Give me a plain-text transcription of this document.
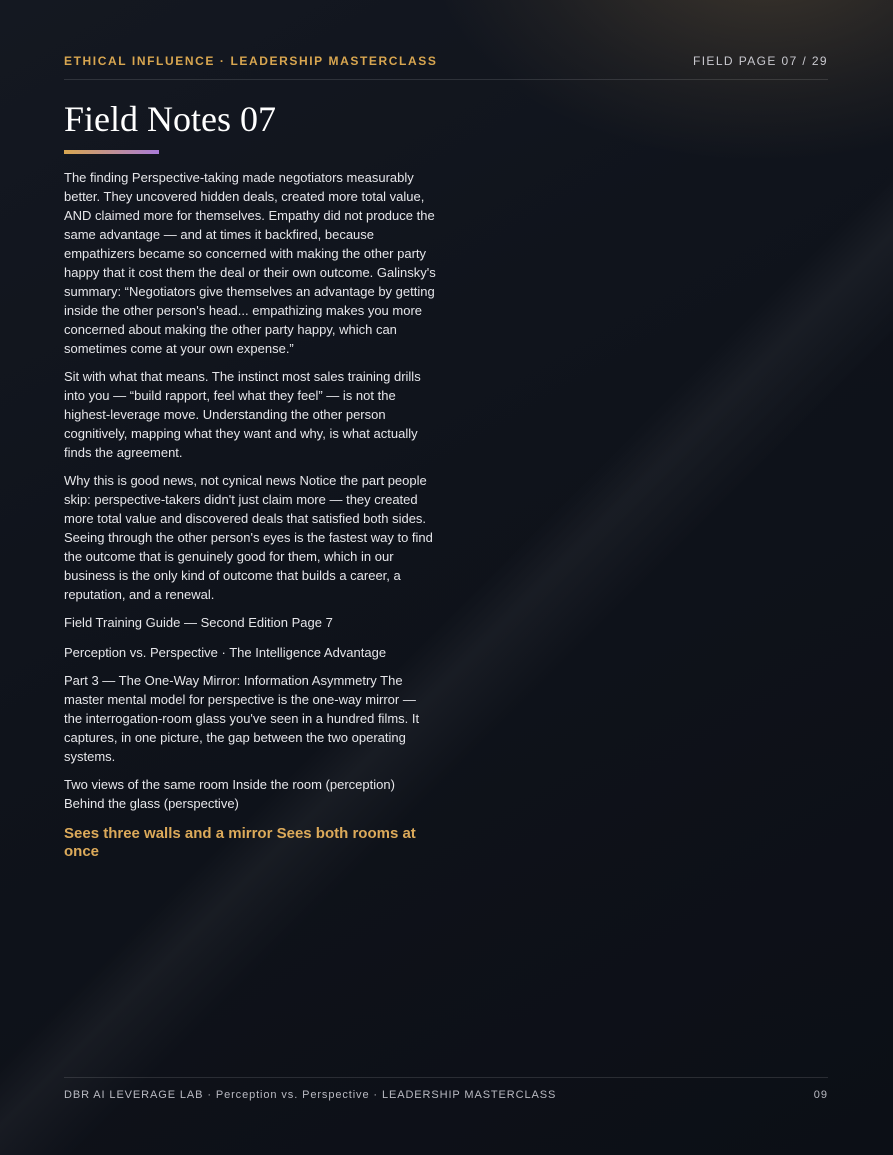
ETHICAL INFLUENCE · LEADERSHIP MASTERCLASS	FIELD PAGE 07 / 29
Field Notes 07

The finding Perspective-taking made negotiators measurably better. They uncovered hidden deals, created more total value, AND claimed more for themselves. Empathy did not produce the same advantage — and at times it backfired, because empathizers became so concerned with making the other party happy that it cost them the deal or their own outcome. Galinsky's summary: “Negotiators give themselves an advantage by getting inside the other person's head... empathizing makes you more concerned about making the other party happy, which can sometimes come at your own expense.”

Sit with what that means. The instinct most sales training drills into you — “build rapport, feel what they feel” — is not the highest-leverage move. Understanding the other person cognitively, mapping what they want and why, is what actually finds the agreement.

Why this is good news, not cynical news Notice the part people skip: perspective-takers didn't just claim more — they created more total value and discovered deals that satisfied both sides. Seeing through the other person's eyes is the fastest way to find the outcome that is genuinely good for them, which in our business is the only kind of outcome that builds a career, a reputation, and a renewal.

Field Training Guide — Second Edition Page 7

Perception vs. Perspective · The Intelligence Advantage

Part 3 — The One-Way Mirror: Information Asymmetry The master mental model for perspective is the one-way mirror — the interrogation-room glass you've seen in a hundred films. It captures, in one picture, the gap between the two operating systems.

Two views of the same room Inside the room (perception) Behind the glass (perspective)

Sees three walls and a mirror Sees both rooms at once
DBR AI LEVERAGE LAB · Perception vs. Perspective · LEADERSHIP MASTERCLASS	09
